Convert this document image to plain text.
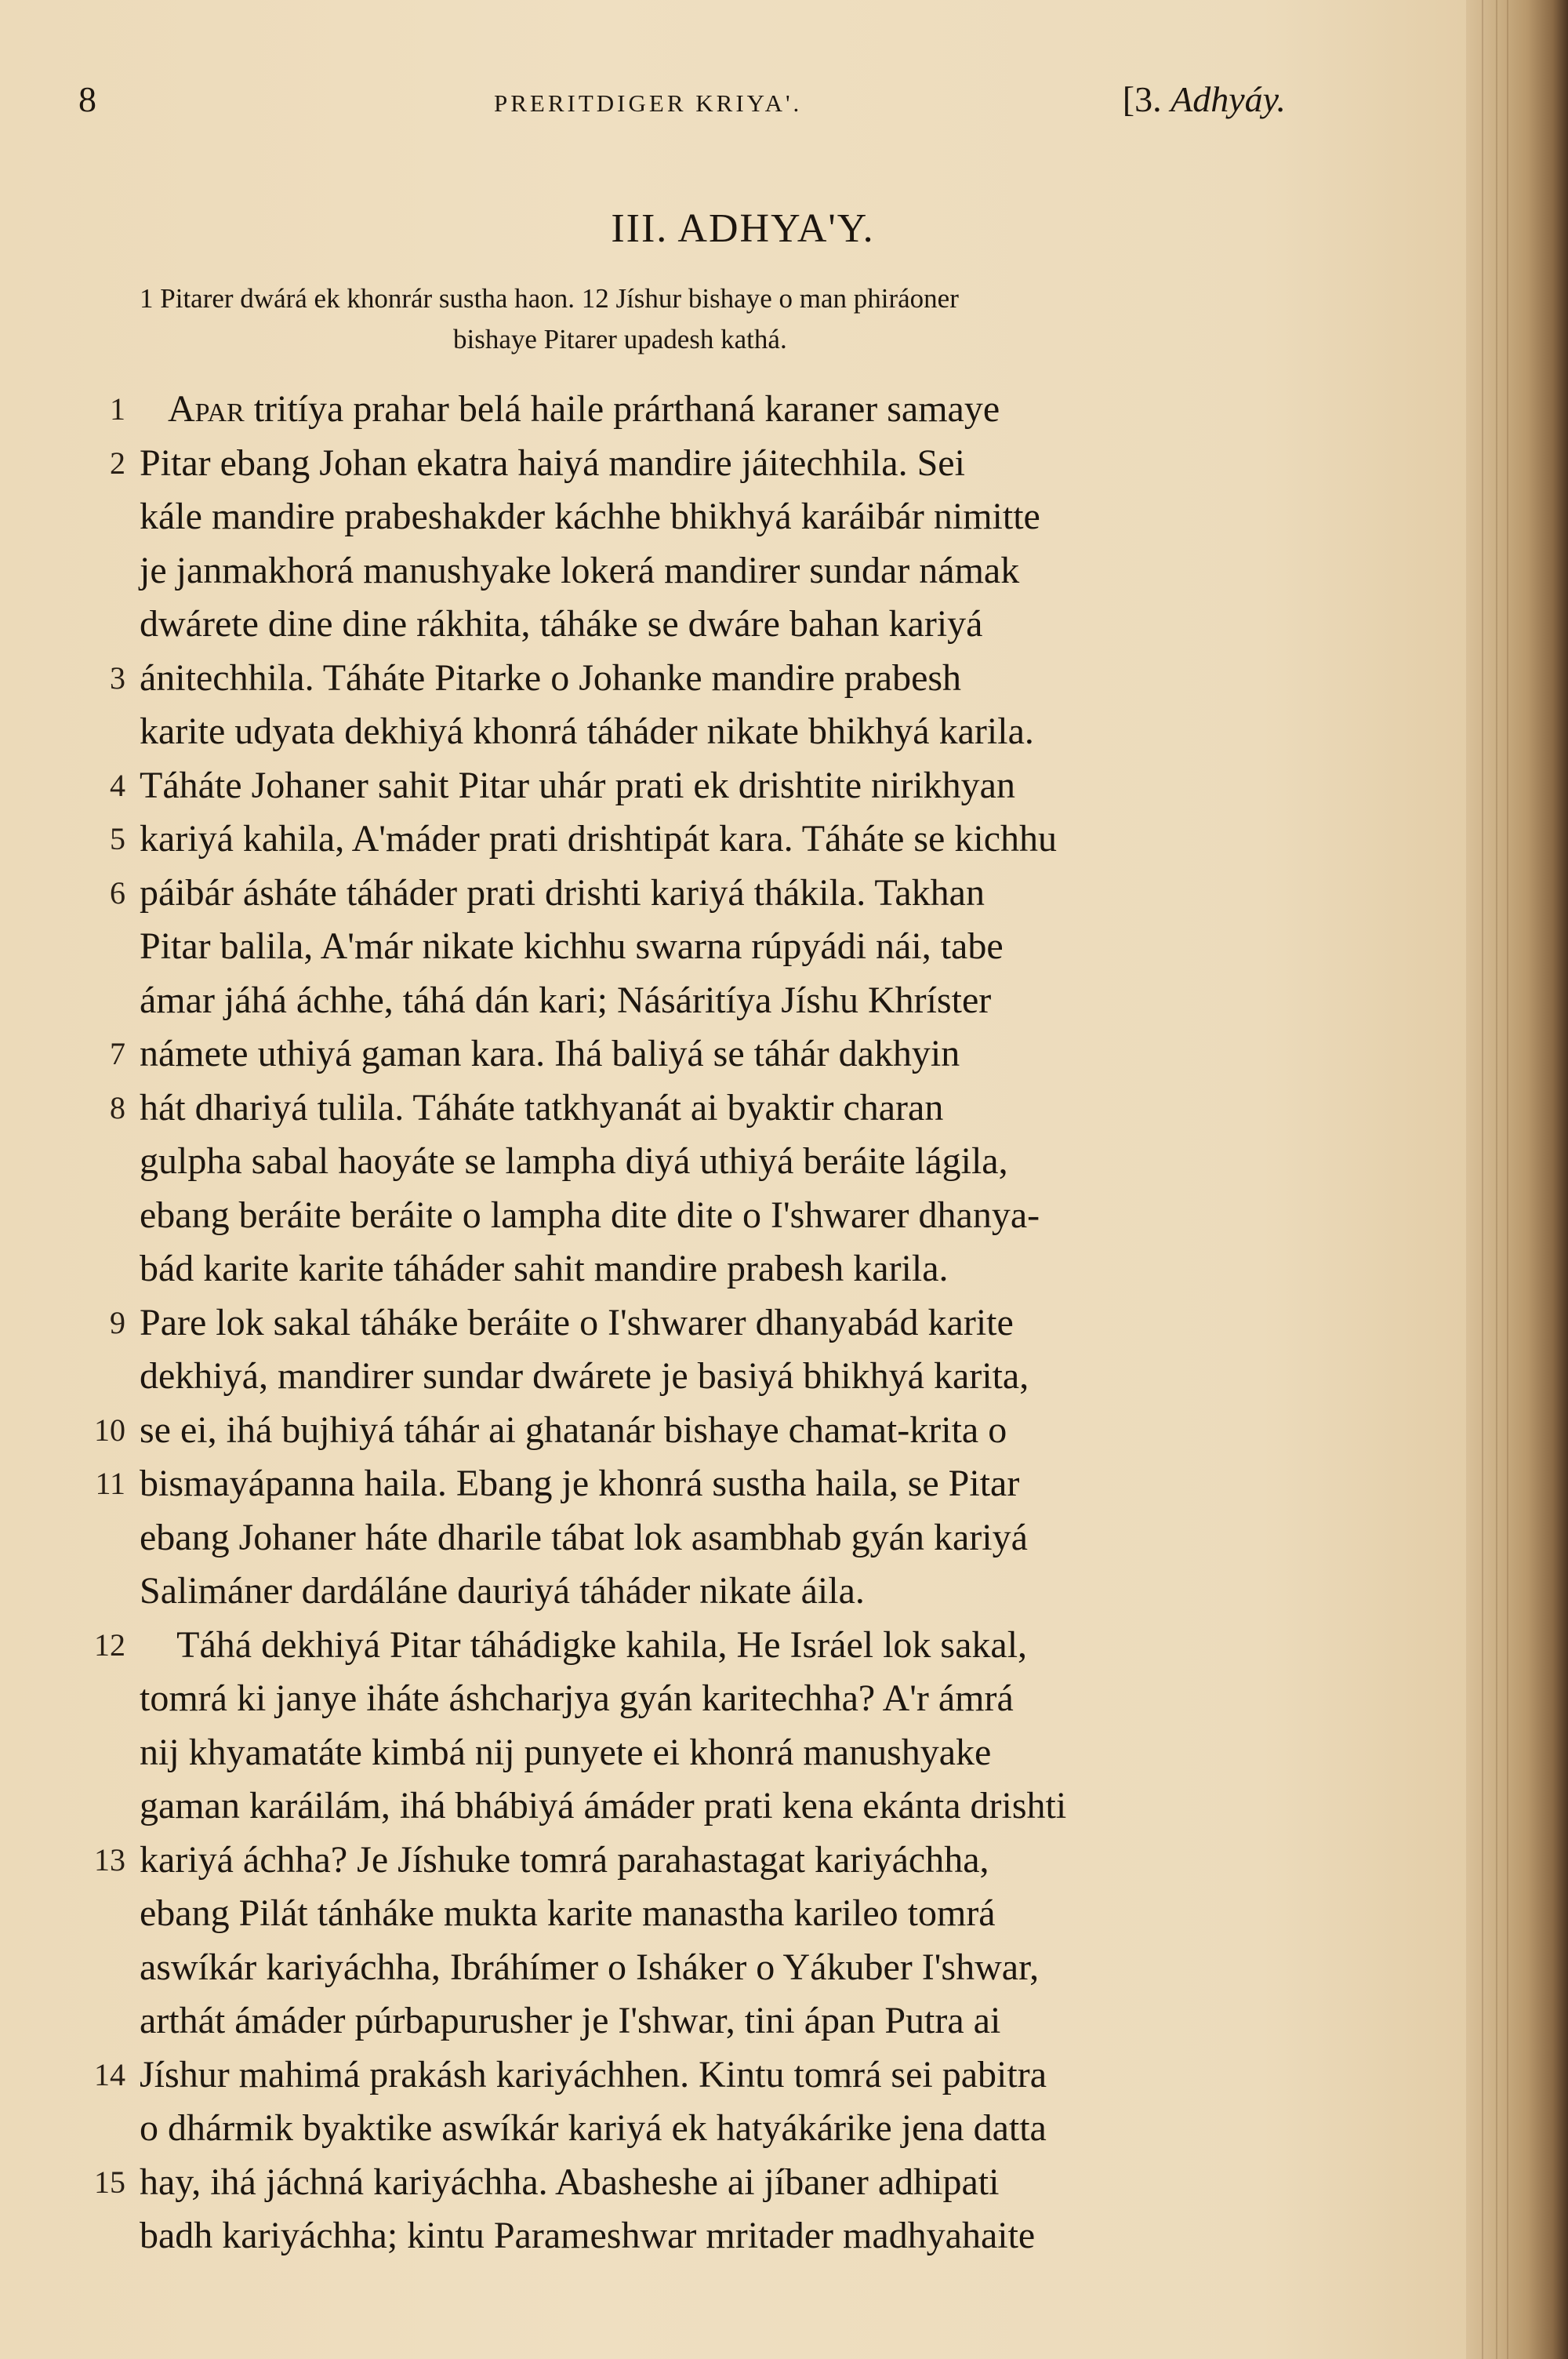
8	PRERITDIGER KRIYA'.	[3. Adhyáy.
III. ADHYA'Y.
1 Pitarer dwárá ek khonrár sustha haon. 12 Jíshur bishaye o man phiráoner
bishaye Pitarer upadesh kathá.
1	Apar tritíya prahar belá haile prárthaná karaner samaye
2 Pitar ebang Johan ekatra haiyá mandire jáitechhila. Sei
kále mandire prabeshakder káchhe bhikhyá karáibár nimitte
je janmakhorá manushyake lokerá mandirer sundar námak
dwárete dine dine rákhita, táháke se dwáre bahan kariyá
3 ánitechhila. Táháte Pitarke o Johanke mandire prabesh
karite udyata dekhiyá khonrá táháder nikate bhikhyá karila.
4 Táháte Johaner sahit Pitar uhár prati ek drishtite nirikhyan
5 kariyá kahila, A'máder prati drishtipát kara. Táháte se kichhu
6 páibár ásháte táháder prati drishti kariyá thákila. Takhan
Pitar balila, A'már nikate kichhu swarna rúpyádi nái, tabe
ámar jáhá áchhe, táhá dán kari; Násáritíya Jíshu Khríster
7 námete uthiyá gaman kara. Ihá baliyá se táhár dakhyin
8 hát dhariyá tulila. Táháte tatkhyanát ai byaktir charan
gulpha sabal haoyáte se lampha diyá uthiyá beráite lágila,
ebang beráite beráite o lampha dite dite o I'shwarer dhanya-
bád karite karite táháder sahit mandire prabesh karila.
9 Pare lok sakal táháke beráite o I'shwarer dhanyabád karite
dekhiyá, mandirer sundar dwárete je basiyá bhikhyá karita,
10 se ei, ihá bujhiyá táhár ai ghatanár bishaye chamat-krita o
11 bismayápanna haila. Ebang je khonrá sustha haila, se Pitar
ebang Johaner háte dharile tábat lok asambhab gyán kariyá
Salimáner dardáláne dauriyá táháder nikate áila.
12 Táhá dekhiyá Pitar táhádigke kahila, He Isráel lok sakal,
tomrá ki janye iháte áshcharjya gyán karitechha? A'r ámrá
nij khyamatáte kimbá nij punyete ei khonrá manushyake
gaman karáilám, ihá bhábiyá ámáder prati kena ekánta drishti
13 kariyá áchha? Je Jíshuke tomrá parahastagat kariyáchha,
ebang Pilát tánháke mukta karite manastha karileo tomrá
aswíkár kariyáchha, Ibráhímer o Isháker o Yákuber I'shwar,
arthát ámáder púrbapurusher je I'shwar, tini ápan Putra ai
14 Jíshur mahimá prakásh kariyáchhen. Kintu tomrá sei pabitra
o dhármik byaktike aswíkár kariyá ek hatyákárike jena datta
15 hay, ihá jáchná kariyáchha. Abasheshe ai jíbaner adhipati
badh kariyáchha; kintu Parameshwar mritader madhyahaite
